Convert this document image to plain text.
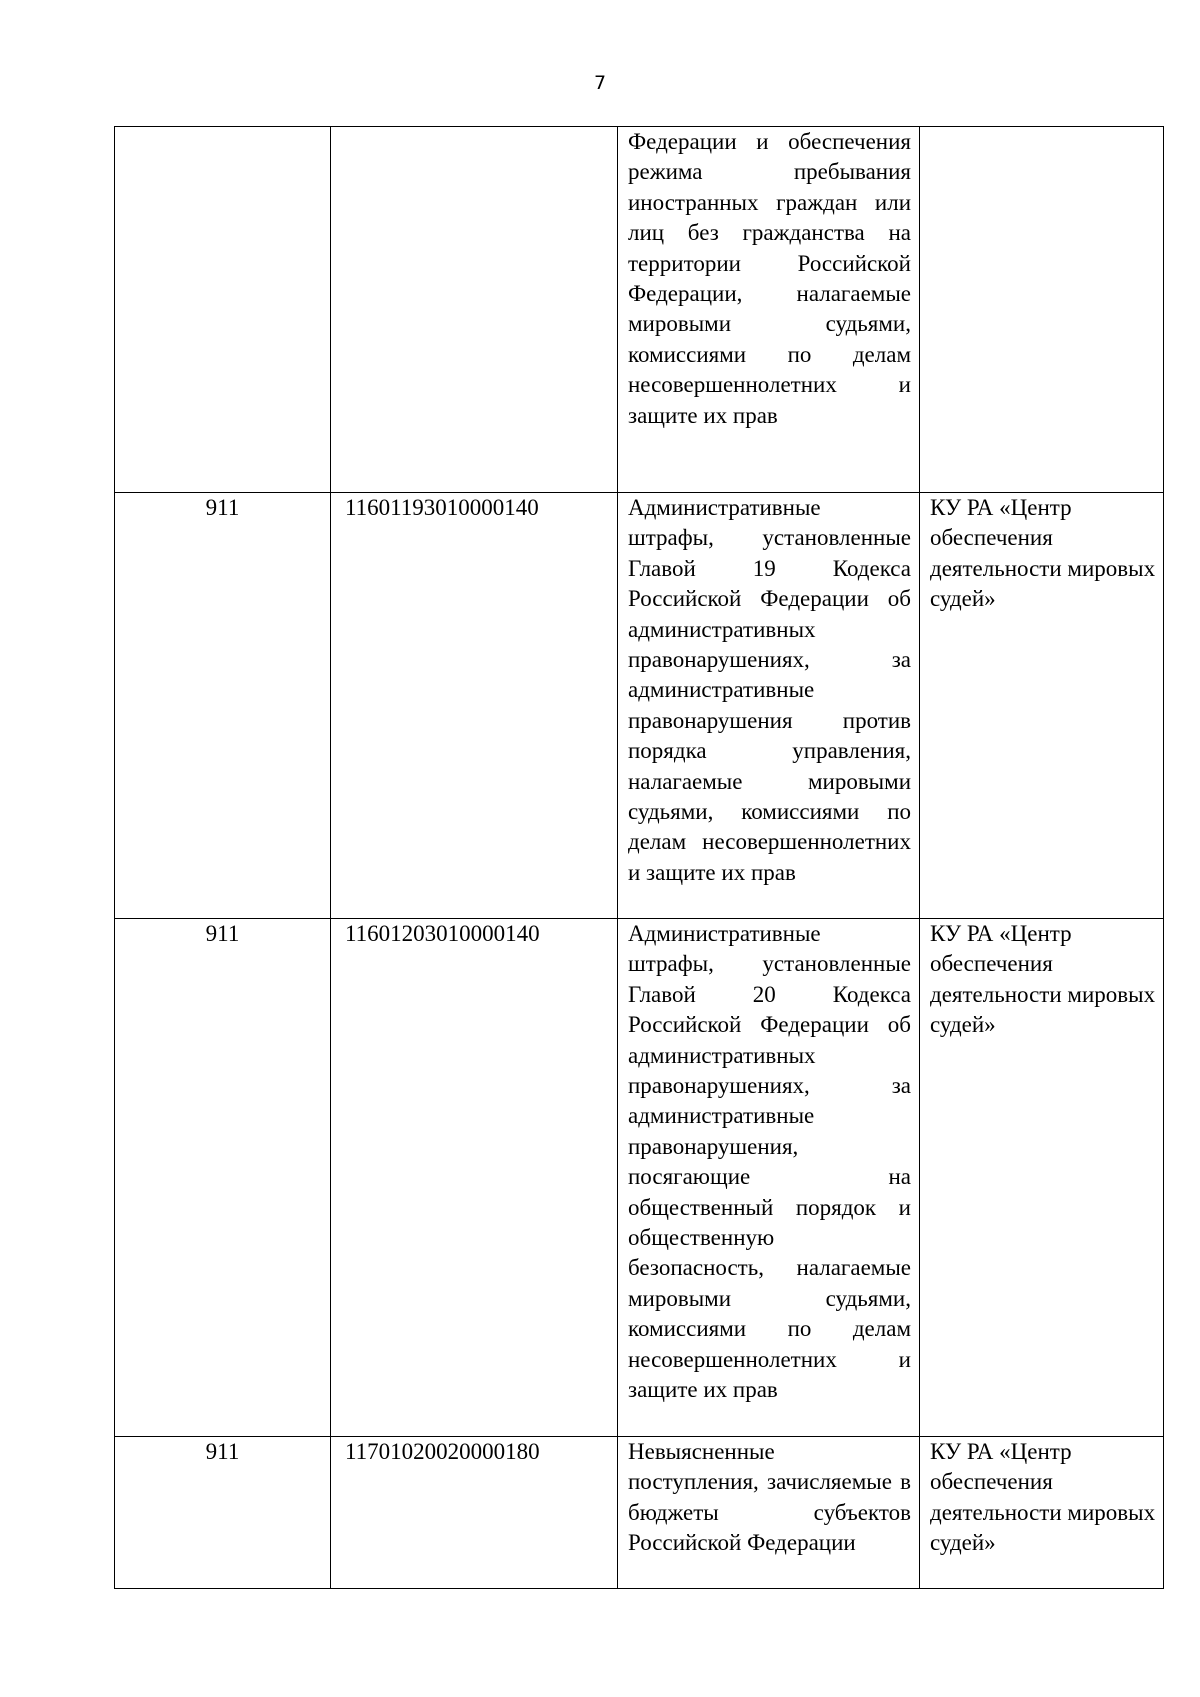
7
		Федерации и обеспечения режима пребывания иностранных граждан или лиц без гражданства на территории Российской Федерации, налагаемые мировыми судьями, комиссиями по делам несовершеннолетних и защите их прав	
911	11601193010000140	Административные штрафы, установленные Главой 19 Кодекса Российской Федерации об административных правонарушениях, за административные правонарушения против порядка управления, налагаемые мировыми судьями, комиссиями по делам несовершеннолетних и защите их прав	КУ РА «Центр обеспечения деятельности мировых судей»
911	11601203010000140	Административные штрафы, установленные Главой 20 Кодекса Российской Федерации об административных правонарушениях, за административные правонарушения, посягающие на общественный порядок и общественную безопасность, налагаемые мировыми судьями, комиссиями по делам несовершеннолетних и защите их прав	КУ РА «Центр обеспечения деятельности мировых судей»
911	11701020020000180	Невыясненные поступления, зачисляемые в бюджеты субъектов Российской Федерации	КУ РА «Центр обеспечения деятельности мировых судей»
